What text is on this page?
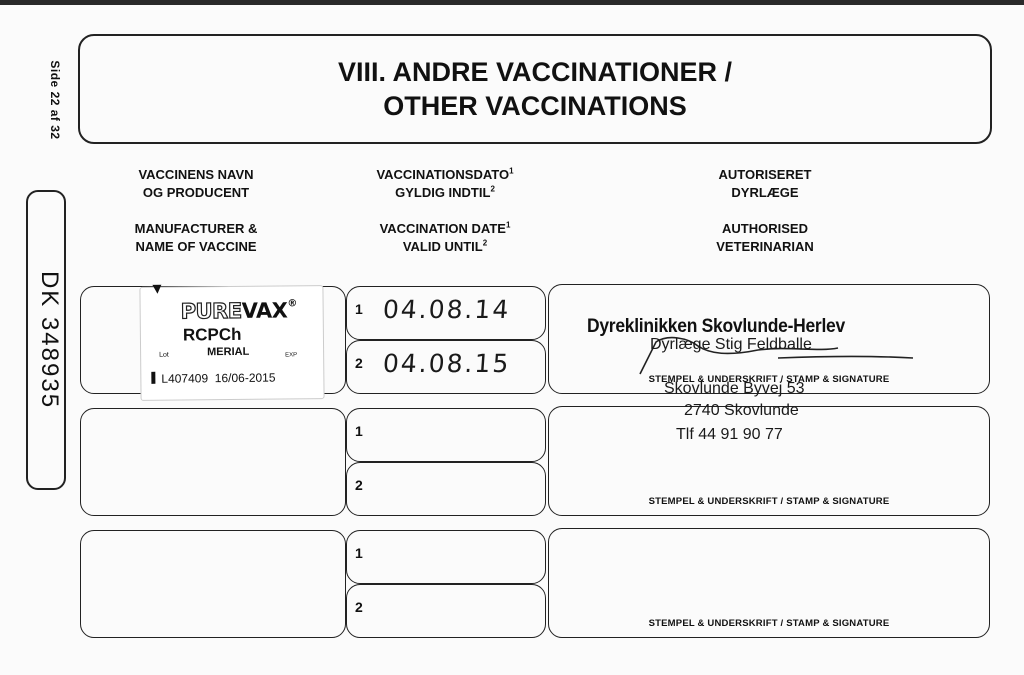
Side 22 af 32
DK 348935
VIII. ANDRE VACCINATIONER /
OTHER VACCINATIONS
VACCINENS NAVN
OG PRODUCENT
MANUFACTURER &
NAME OF VACCINE
VACCINATIONSDATO$^1$
GYLDIG INDTIL$^2$
VACCINATION DATE$^1$
VALID UNTIL$^2$
AUTORISERET
DYRLÆGE
AUTHORISED
VETERINARIAN
1 04.08.14
2 04.08.15
STEMPEL & UNDERSKRIFT / STAMP & SIGNATURE
1
2
STEMPEL & UNDERSKRIFT / STAMP & SIGNATURE
1
2
STEMPEL & UNDERSKRIFT / STAMP & SIGNATURE
PUREVAX®
RCPCh
Lot	MERIAL	EXP
L407409 16/06-2015
Dyreklinikken Skovlunde-Herlev
Dyrlæge Stig Feldballe
Skovlunde Byvej 53
2740 Skovlunde
Tlf 44 91 90 77
